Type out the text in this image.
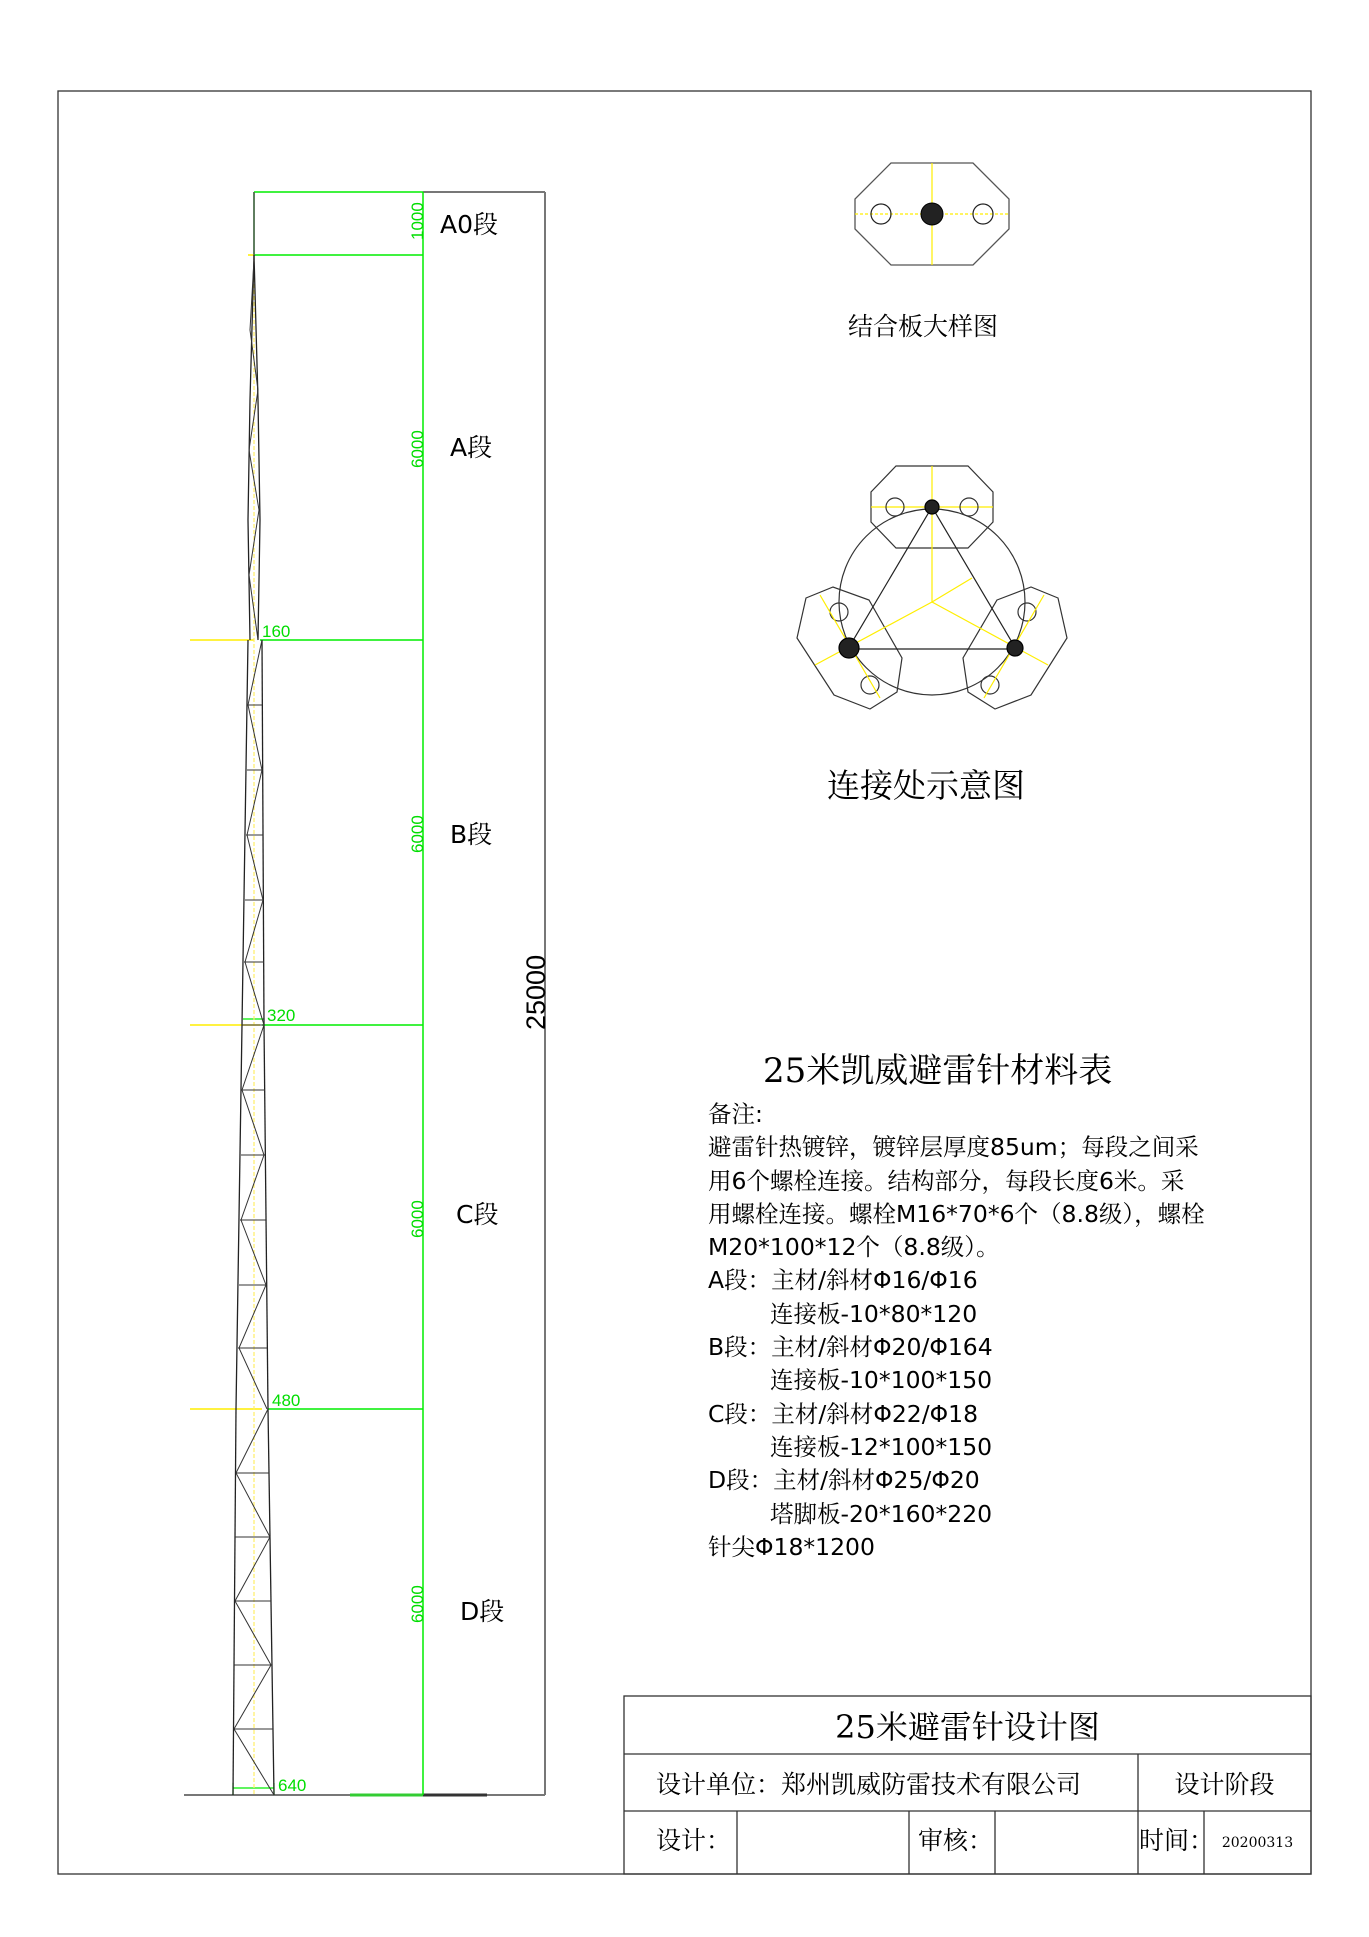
A0段
A段
B段
C段
D段
1000
6000
6000
6000
6000
160
320
480
640
25000
结合板大样图
连接处示意图
25米凯威避雷针材料表
备注:
避雷针热镀锌，镀锌层厚度85um；每段之间采
用6个螺栓连接。结构部分，每段长度6米。采
用螺栓连接。螺栓M16*70*6个（8.8级），螺栓
M20*100*12个（8.8级）。
A段：主材/斜材Φ16/Φ16
连接板-10*80*120
B段：主材/斜材Φ20/Φ164
连接板-10*100*150
C段：主材/斜材Φ22/Φ18
连接板-12*100*150
D段：主材/斜材Φ25/Φ20
塔脚板-20*160*220
针尖Φ18*1200
25米避雷针设计图
设计单位：郑州凯威防雷技术有限公司	设计阶段
设计：	审核：	时间： 20200313
